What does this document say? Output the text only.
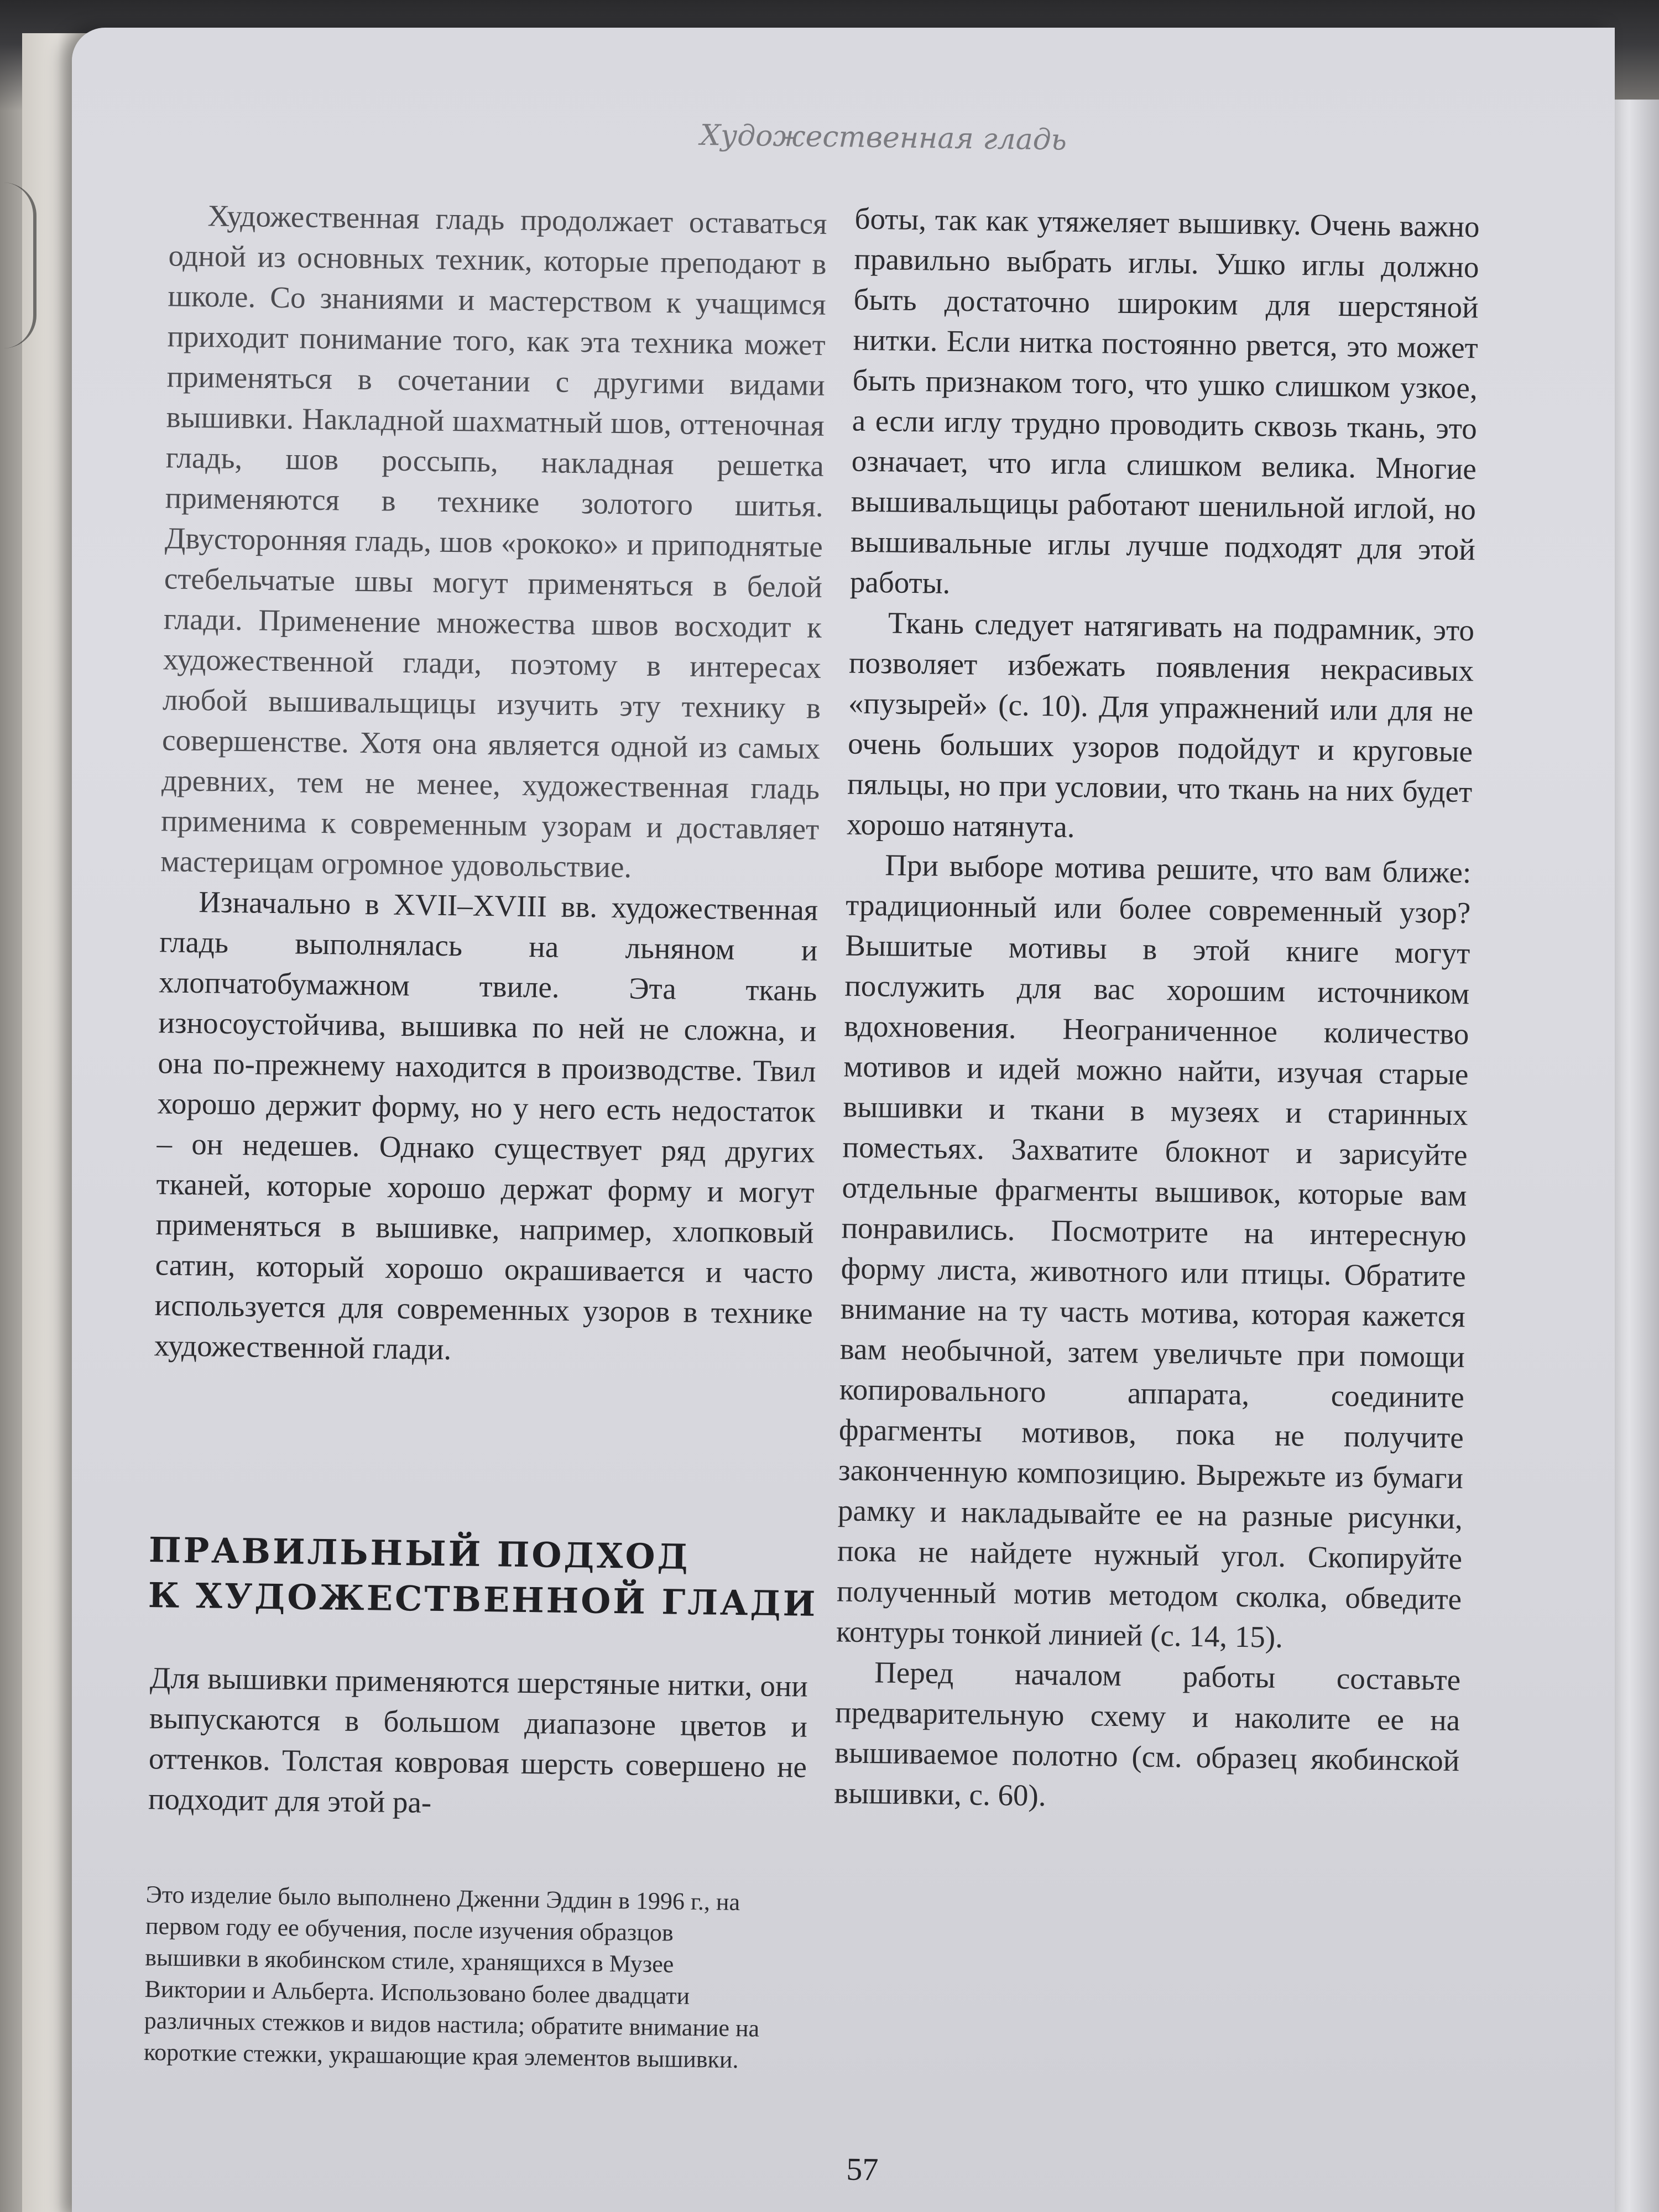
Художественная гладь

Художественная гладь продолжает оставаться одной из основных техник, которые преподают в школе. Со знаниями и мастерством к учащимся приходит понимание того, как эта техника может применяться в сочетании с другими видами вышивки. Накладной шахматный шов, оттеночная гладь, шов россыпь, накладная решетка применяются в технике золотого шитья. Двусторонняя гладь, шов «рококо» и приподнятые стебельчатые швы могут применяться в белой глади. Применение множества швов восходит к художественной глади, поэтому в интересах любой вышивальщицы изучить эту технику в совершенстве. Хотя она является одной из самых древних, тем не менее, художественная гладь применима к современным узорам и доставляет мастерицам огромное удовольствие.

Изначально в XVII–XVIII вв. художественная гладь выполнялась на льняном и хлопчатобумажном твиле. Эта ткань износоустойчива, вышивка по ней не сложна, и она по-прежнему находится в производстве. Твил хорошо держит форму, но у него есть недостаток – он недешев. Однако существует ряд других тканей, которые хорошо держат форму и могут применяться в вышивке, например, хлопковый сатин, который хорошо окрашивается и часто используется для современных узоров в технике художественной глади.

ПРАВИЛЬНЫЙ ПОДХОД
К ХУДОЖЕСТВЕННОЙ ГЛАДИ

Для вышивки применяются шерстяные нитки, они выпускаются в большом диапазоне цветов и оттенков. Толстая ковровая шерсть совершено не подходит для этой ра-

боты, так как утяжеляет вышивку. Очень важно правильно выбрать иглы. Ушко иглы должно быть достаточно широким для шерстяной нитки. Если нитка постоянно рвется, это может быть признаком того, что ушко слишком узкое, а если иглу трудно проводить сквозь ткань, это означает, что игла слишком велика. Многие вышивальщицы работают шенильной иглой, но вышивальные иглы лучше подходят для этой работы.

Ткань следует натягивать на подрамник, это позволяет избежать появления некрасивых «пузырей» (с. 10). Для упражнений или для не очень больших узоров подойдут и круговые пяльцы, но при условии, что ткань на них будет хорошо натянута.

При выборе мотива решите, что вам ближе: традиционный или более современный узор? Вышитые мотивы в этой книге могут послужить для вас хорошим источником вдохновения. Неограниченное количество мотивов и идей можно найти, изучая старые вышивки и ткани в музеях и старинных поместьях. Захватите блокнот и зарисуйте отдельные фрагменты вышивок, которые вам понравились. Посмотрите на интересную форму листа, животного или птицы. Обратите внимание на ту часть мотива, которая кажется вам необычной, затем увеличьте при помощи копировального аппарата, соедините фрагменты мотивов, пока не получите законченную композицию. Вырежьте из бумаги рамку и накладывайте ее на разные рисунки, пока не найдете нужный угол. Скопируйте полученный мотив методом сколка, обведите контуры тонкой линией (с. 14, 15).

Перед началом работы составьте предварительную схему и наколите ее на вышиваемое полотно (см. образец якобинской вышивки, с. 60).

Это изделие было выполнено Дженни Эддин в 1996 г., на первом году ее обучения, после изучения образцов вышивки в якобинском стиле, хранящихся в Музее Виктории и Альберта. Использовано более двадцати различных стежков и видов настила; обратите внимание на короткие стежки, украшающие края элементов вышивки.
57
